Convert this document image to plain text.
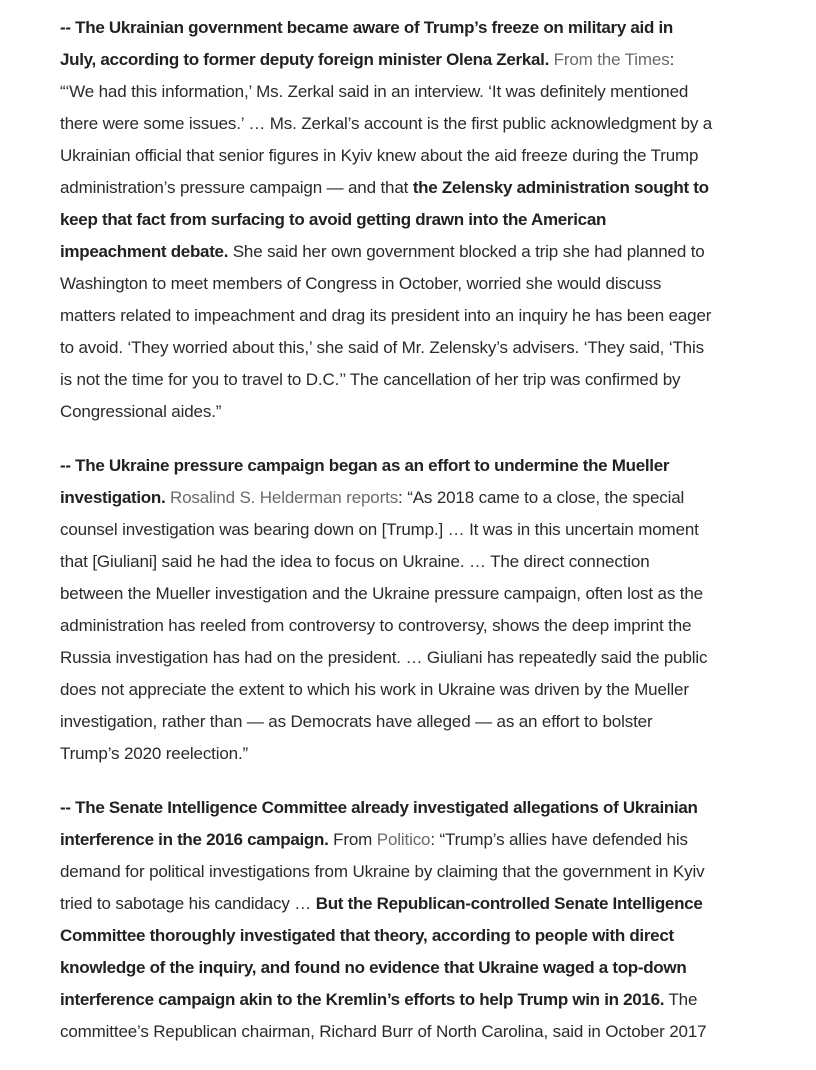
-- The Ukrainian government became aware of Trump’s freeze on military aid in
July, according to former deputy foreign minister Olena Zerkal. From the Times:
“‘We had this information,’ Ms. Zerkal said in an interview. ‘It was definitely mentioned
there were some issues.’ … Ms. Zerkal’s account is the first public acknowledgment by a
Ukrainian official that senior figures in Kyiv knew about the aid freeze during the Trump
administration’s pressure campaign — and that the Zelensky administration sought to
keep that fact from surfacing to avoid getting drawn into the American
impeachment debate. She said her own government blocked a trip she had planned to
Washington to meet members of Congress in October, worried she would discuss
matters related to impeachment and drag its president into an inquiry he has been eager
to avoid. ‘They worried about this,’ she said of Mr. Zelensky’s advisers. ‘They said, ‘This
is not the time for you to travel to D.C.’’ The cancellation of her trip was confirmed by
Congressional aides.”

-- The Ukraine pressure campaign began as an effort to undermine the Mueller
investigation. Rosalind S. Helderman reports: “As 2018 came to a close, the special
counsel investigation was bearing down on [Trump.] … It was in this uncertain moment
that [Giuliani] said he had the idea to focus on Ukraine. … The direct connection
between the Mueller investigation and the Ukraine pressure campaign, often lost as the
administration has reeled from controversy to controversy, shows the deep imprint the
Russia investigation has had on the president. … Giuliani has repeatedly said the public
does not appreciate the extent to which his work in Ukraine was driven by the Mueller
investigation, rather than — as Democrats have alleged — as an effort to bolster
Trump’s 2020 reelection.”

-- The Senate Intelligence Committee already investigated allegations of Ukrainian
interference in the 2016 campaign. From Politico: “Trump’s allies have defended his
demand for political investigations from Ukraine by claiming that the government in Kyiv
tried to sabotage his candidacy … But the Republican-controlled Senate Intelligence
Committee thoroughly investigated that theory, according to people with direct
knowledge of the inquiry, and found no evidence that Ukraine waged a top-down
interference campaign akin to the Kremlin’s efforts to help Trump win in 2016. The
committee’s Republican chairman, Richard Burr of North Carolina, said in October 2017
